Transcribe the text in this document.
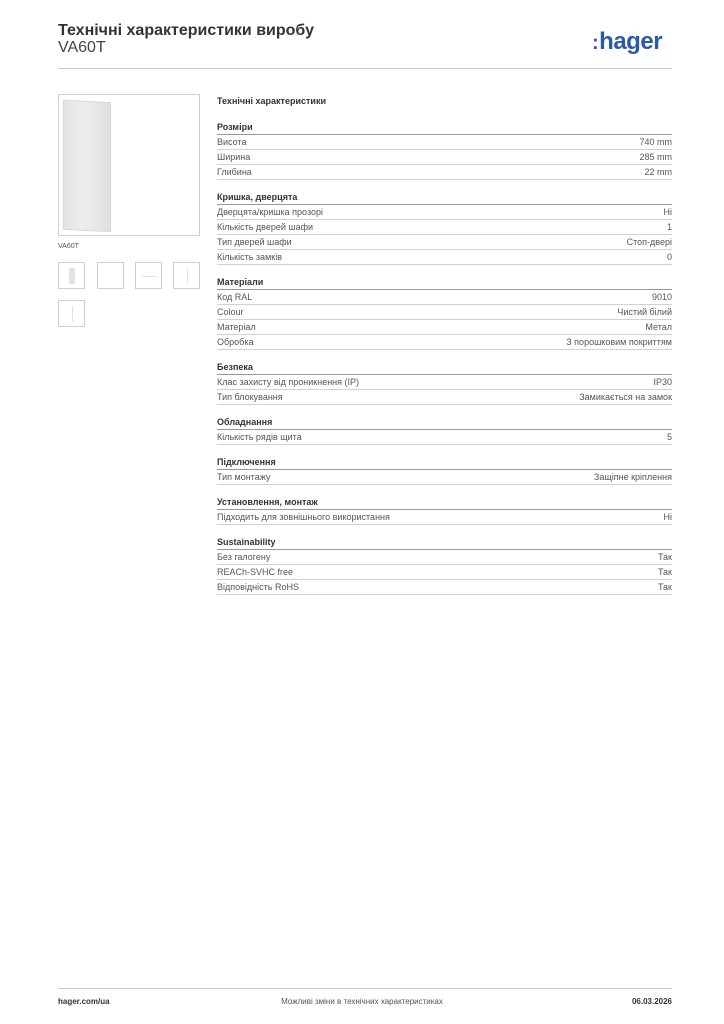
Технічні характеристики виробу
VA60T	:hager
VA60T
Технічні характеристики
Розміри
Висота	740 mm
Ширина	285 mm
Глибина	22 mm
Кришка, дверцята
Дверцята/кришка прозорі	Ні
Кількість дверей шафи	1
Тип дверей шафи	Стоп-двері
Кількість замків	0
Матеріали
Код RAL	9010
Colour	Чистий білий
Матеріал	Метал
Обробка	З порошковим покриттям
Безпека
Клас захисту від проникнення (IP)	IP30
Тип блокування	Замикається на замок
Обладнання
Кількість рядів щита	5
Підключення
Тип монтажу	Защіпне кріплення
Установлення, монтаж
Підходить для зовнішнього використання	Ні
Sustainability
Без галогену	Так
REACh-SVHC free	Так
Відповідність RoHS	Так
hager.com/ua	Можливі зміни в технічних характеристиках	06.03.2026
